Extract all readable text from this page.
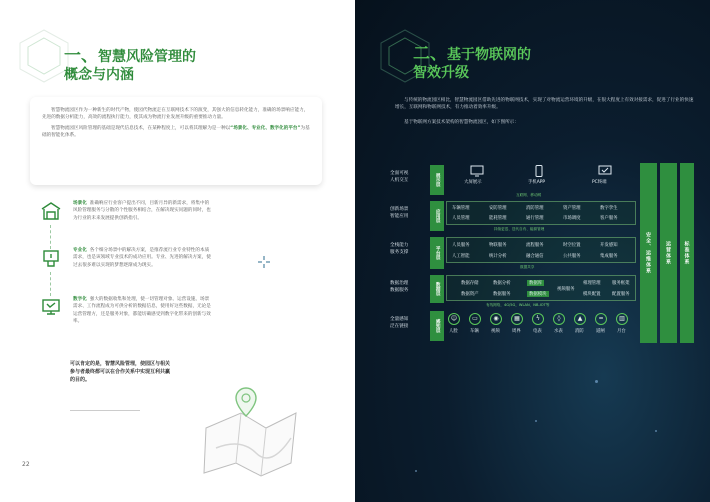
一、智慧风险管理的
概念与内涵

智慧物流园区作为一种新生的时代产物，使园代物流走在互联网技术下的演变，其强大的信息转化能力，准确的场景响应能力，先进的数据分析能力，高效的流程执行能力，使其成为物流行业发展升级的重要推动力量。

智慧物流园区风险管理的基础是现代信息技术，在某种程度上，可以将其理解为是一种以“场景化、专业化、数字化的平台”为基础的智能化体系。

场景化 准确响应行业客户提出不同，目新月异的新需求，将集中的风险管理服务与分散的个性服务相结合，在解决现实问题的同时，也为行业的未来发展提供创新指引。
专业化 各个细分场景中的解决方案，是推荐流行业专业特性的本质需求，也是该领域专业技术的成功应用。专业、先进的解决方案，使过去很多难以实现的梦想逐渐成为现实。
数字化 强大的数据收集和处理，使一切管理对象、运营设施、场景需求、工作流程成为可供分析的数据信息，使用好这些数据，无论是运营管理方，还是服务对象，都能切确感受到数字化带来的创新与效率。
可以肯定的是，智慧风险管理，使园区与相关参与者最终都可以在合作关系中实现互利共赢的目的。
22
二、基于物联网的
智效升级
与传统的物流园区相比，智慧物流园区借助先进的物联网技术，实现了对物流运营环境的升级，在很大程度上有效对接需求，促进了行业的快速增长，互联网和物联网技术，有力推动着效率升级。
基于物联网方案技术架构的智慧物流园区，如下图所示：
全面可视
人机交互
创新场景
智能应用
全栈能力
服务支撑
数据治理
数据服务
全量感知
泛在链接
展示层
应用层
平台层
数据层
感知层
大屏展示	手机APP	PC终端
互联网、移动网
车辆管理	安防管理	消防管理	资产管理	数字孪生
人员管理	能耗管理	通行管理	市场调度	客户服务
持续更迭、迭代自有、能源管理
人员服务	物联服务	流程服务	时空位置	开发感知
人工智能	统计分析	融合通信	公共服务	集成服务
数据共享
数据存储	数据分析
数据资产	数据服务
数据库
数据模块
视频服务
相理管理	服务框架
模块配置	配置服务
有线网络，4G/5G，WLAN，NB-IOT等
☺	▭	◉	▦	ϟ	◊	▲	═	▥
人脸	车辆	视频	周界	电表	水表	消防	道闸	月台
安全、运维体系	运营体系	标准体系
